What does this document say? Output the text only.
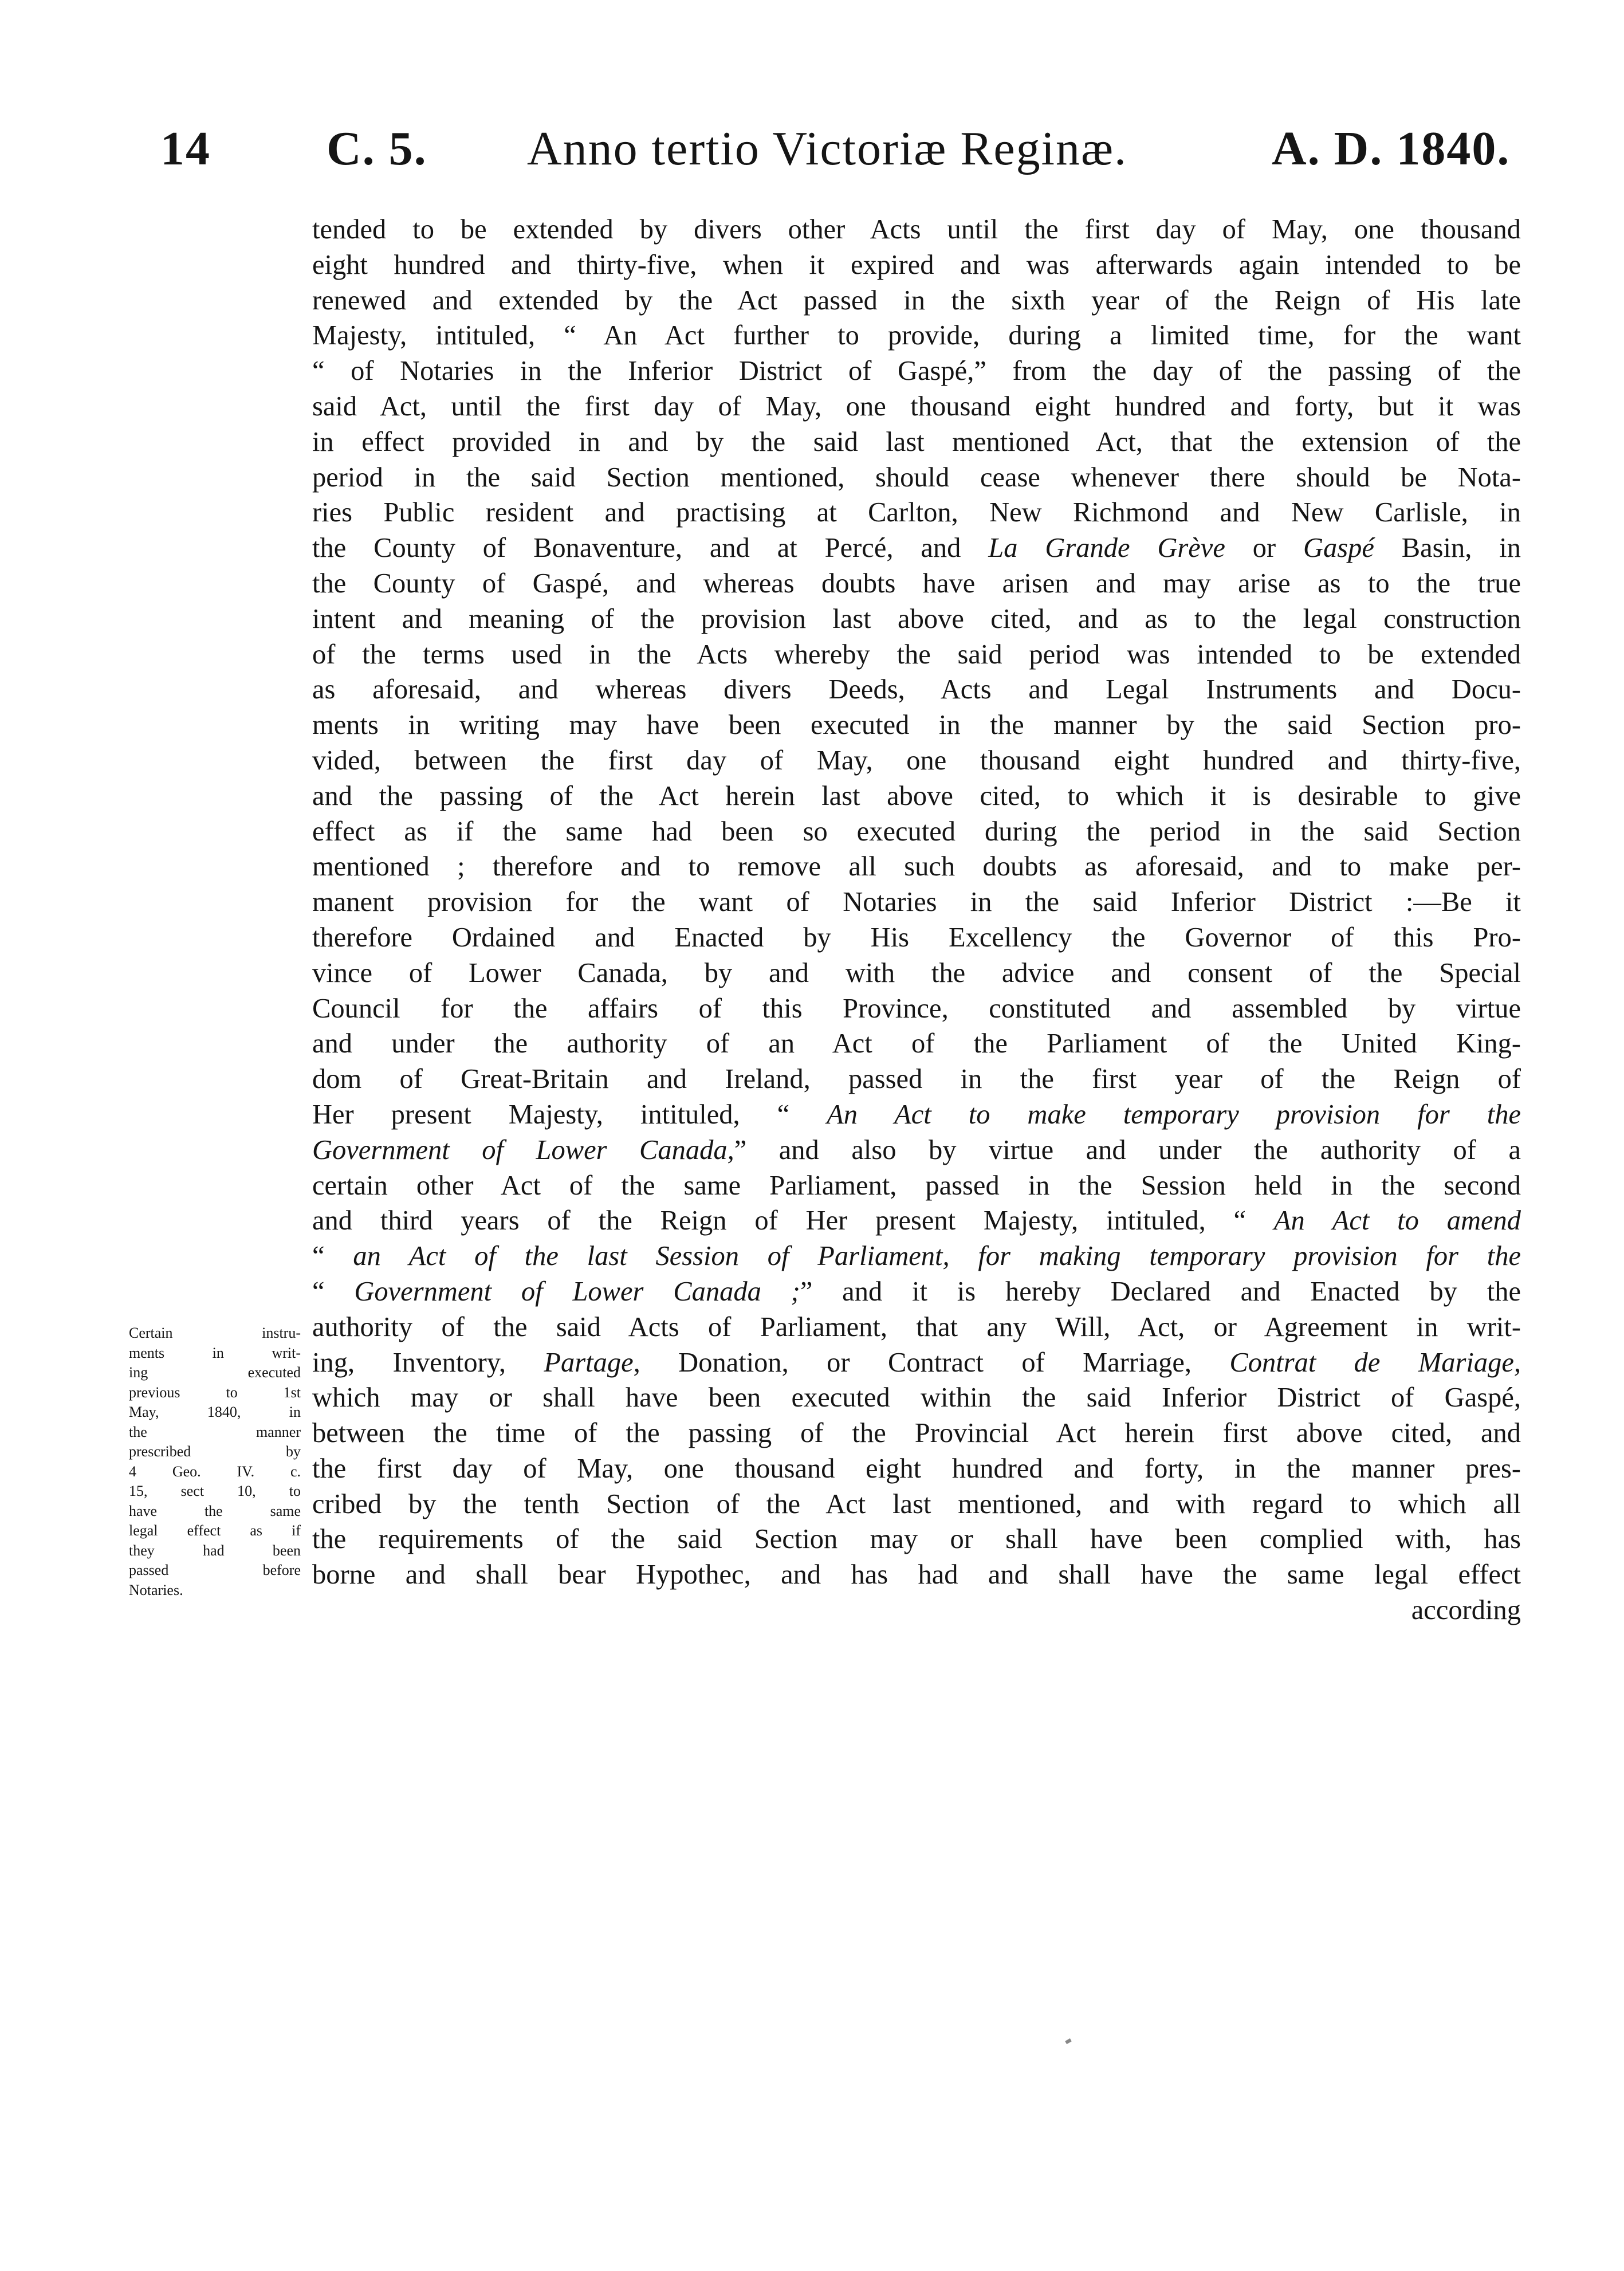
14 C. 5. Anno tertio Victoriæ Reginæ.	A. D. 1840.
tended to be extended by divers other Acts until the first day of May, one thousand
eight hundred and thirty-five, when it expired and was afterwards again intended to be
renewed and extended by the Act passed in the sixth year of the Reign of His late
Majesty, intituled, “ An Act further to provide, during a limited time, for the want
“ of Notaries in the Inferior District of Gaspé,” from the day of the passing of the
said Act, until the first day of May, one thousand eight hundred and forty, but it was
in effect provided in and by the said last mentioned Act, that the extension of the
period in the said Section mentioned, should cease whenever there should be Nota-
ries Public resident and practising at Carlton, New Richmond and New Carlisle, in
the County of Bonaventure, and at Percé, and La Grande Grève or Gaspé Basin, in
the County of Gaspé, and whereas doubts have arisen and may arise as to the true
intent and meaning of the provision last above cited, and as to the legal construction
of the terms used in the Acts whereby the said period was intended to be extended
as aforesaid, and whereas divers Deeds, Acts and Legal Instruments and Docu-
ments in writing may have been executed in the manner by the said Section pro-
vided, between the first day of May, one thousand eight hundred and thirty-five,
and the passing of the Act herein last above cited, to which it is desirable to give
effect as if the same had been so executed during the period in the said Section
mentioned ; therefore and to remove all such doubts as aforesaid, and to make per-
manent provision for the want of Notaries in the said Inferior District :—Be it
therefore Ordained and Enacted by His Excellency the Governor of this Pro-
vince of Lower Canada, by and with the advice and consent of the Special
Council for the affairs of this Province, constituted and assembled by virtue
and under the authority of an Act of the Parliament of the United King-
dom of Great-Britain and Ireland, passed in the first year of the Reign of
Her present Majesty, intituled, “ An Act to make temporary provision for the
Government of Lower Canada,” and also by virtue and under the authority of a
certain other Act of the same Parliament, passed in the Session held in the second
and third years of the Reign of Her present Majesty, intituled, “ An Act to amend
“ an Act of the last Session of Parliament, for making temporary provision for the
“ Government of Lower Canada ;” and it is hereby Declared and Enacted by the
authority of the said Acts of Parliament, that any Will, Act, or Agreement in writ-
ing, Inventory, Partage, Donation, or Contract of Marriage, Contrat de Mariage,
which may or shall have been executed within the said Inferior District of Gaspé,
between the time of the passing of the Provincial Act herein first above cited, and
the first day of May, one thousand eight hundred and forty, in the manner pres-
cribed by the tenth Section of the Act last mentioned, and with regard to which all
the requirements of the said Section may or shall have been complied with, has
borne and shall bear Hypothec, and has had and shall have the same legal effect
according
Certain instru-
ments in writ-
ing executed
previous to 1st
May, 1840, in
the manner
prescribed by
4 Geo. IV. c.
15, sect 10, to
have the same
legal effect as if
they had been
passed before
Notaries.
